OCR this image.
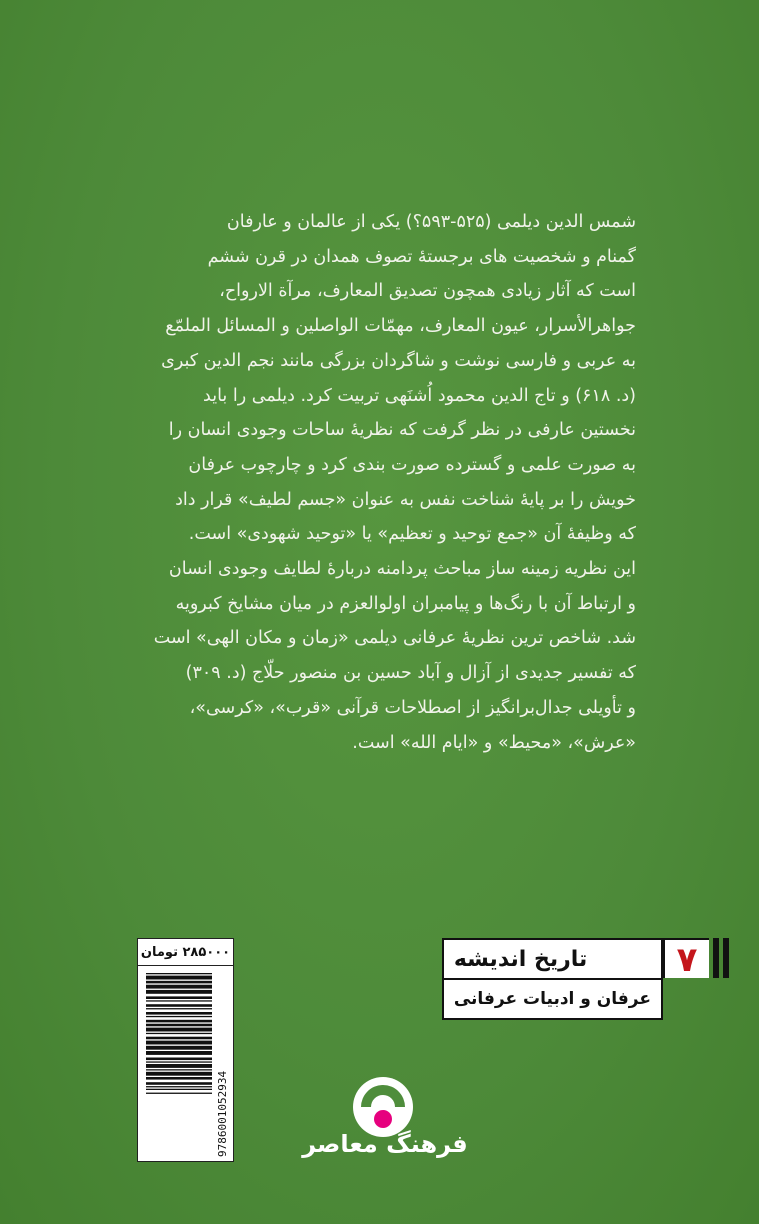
شمس الدین دیلمی (۵۲۵-۵۹۳؟) یکی از عالمان و عارفان

گمنام و شخصیت های برجستهٔ تصوف همدان در قرن ششم

است که آثار زیادی همچون تصدیق المعارف، مرآة الارواح،

جواهرالأسرار، عیون المعارف، مهمّات الواصلین و المسائل الملمّع

به عربی و فارسی نوشت و شاگردان بزرگی مانند نجم الدین کبری

(د. ۶۱۸) و تاج الدین محمود اُشنَهی تربیت کرد. دیلمی را باید

نخستین عارفی در نظر گرفت که نظریهٔ ساحات وجودی انسان را

به صورت علمی و گسترده صورت بندی کرد و چارچوب عرفان

خویش را بر پایهٔ شناخت نفس به عنوان «جسم لطیف» قرار داد

که وظیفهٔ آن «جمع توحید و تعظیم» یا «توحید شهودی» است.

این نظریه زمینه ساز مباحث پردامنه دربارهٔ لطایف وجودی انسان

و ارتباط آن با رنگ‌ها و پیامبران اولوالعزم در میان مشایخ کبرویه

شد. شاخص ترین نظریهٔ عرفانی دیلمی «زمان و مکان الهی» است

که تفسیر جدیدی از آزال و آباد حسین بن منصور حلّاج (د. ۳۰۹)

و تأویلی جدال‌برانگیز از اصطلاحات قرآنی «قرب»، «کرسی»،

«عرش»، «محیط» و «ایام الله» است.

تاریخ اندیشه
عرفان و ادبیات عرفانی
۷
۲۸۵۰۰۰ تومان
9786001052934	فرهنگ معاصر
